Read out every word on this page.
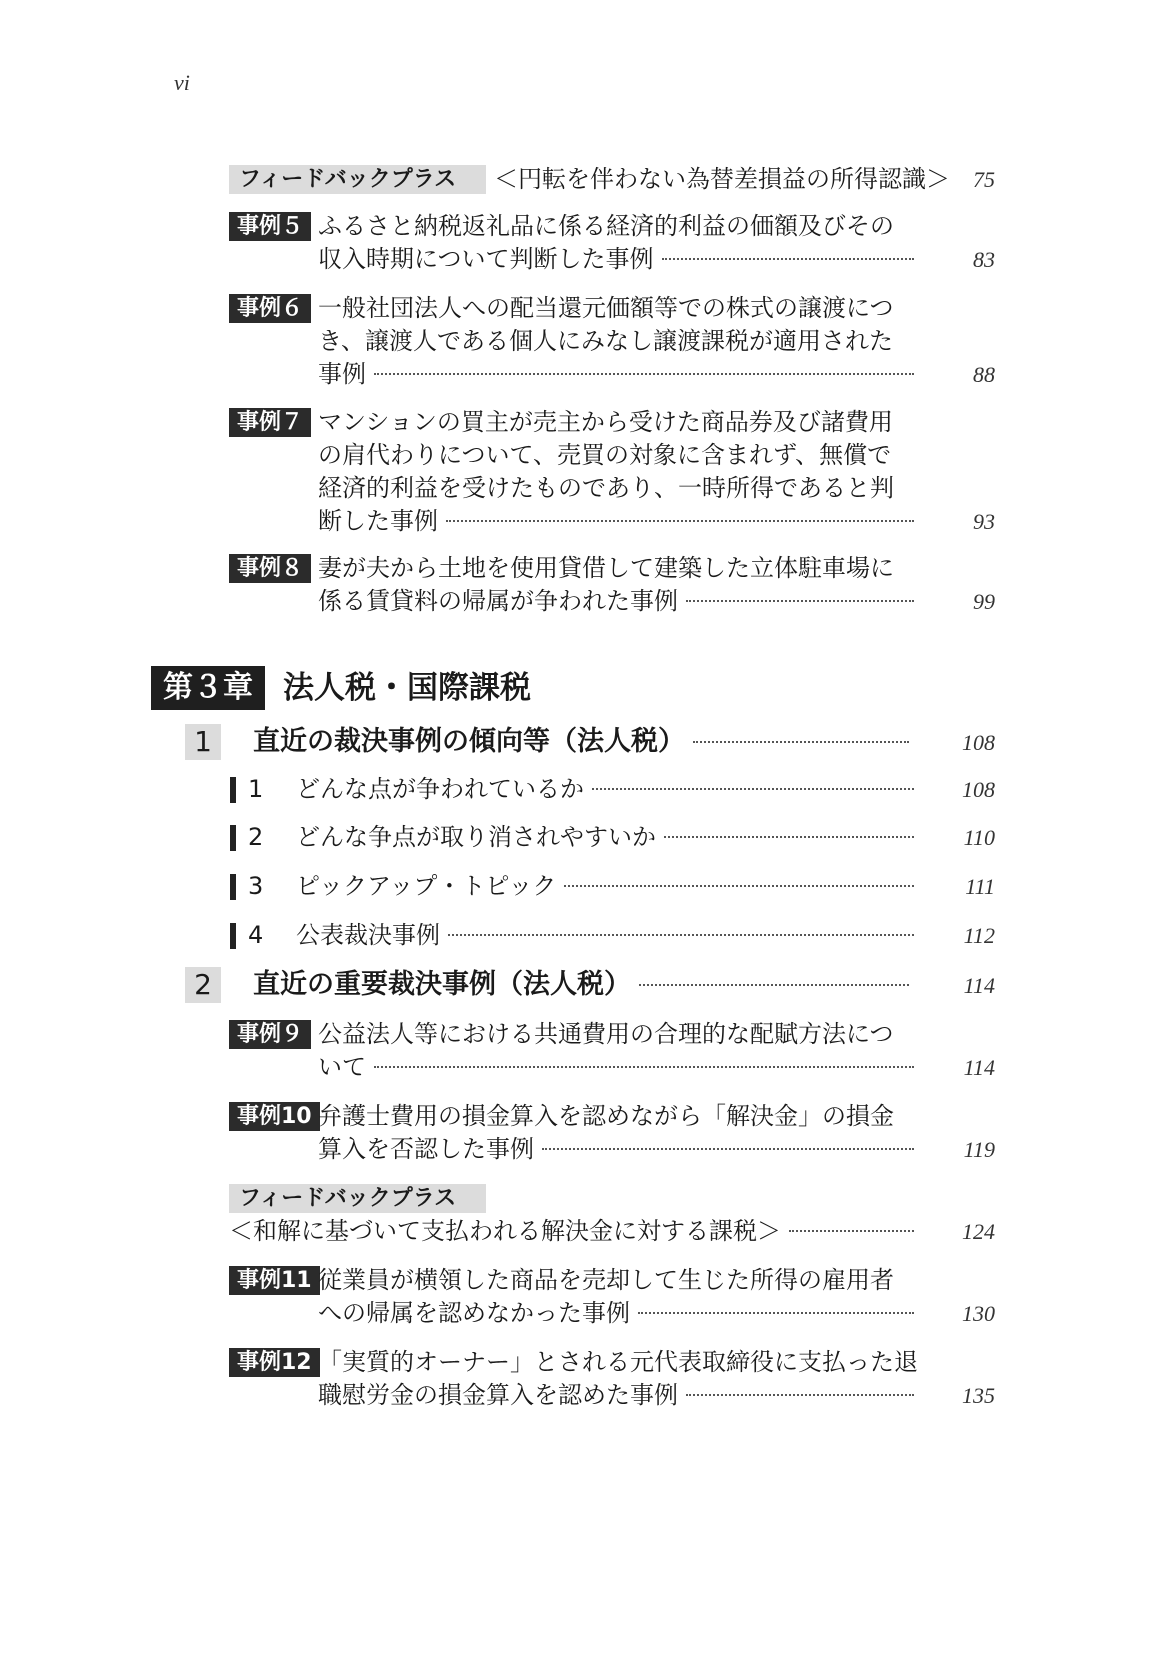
vi
フィードバックプラス	＜円転を伴わない為替差損益の所得認識＞	75
事例５ ふるさと納税返礼品に係る経済的利益の価額及びその
収入時期について判断した事例	83
事例６ 一般社団法人への配当還元価額等での株式の譲渡につ
き、譲渡人である個人にみなし譲渡課税が適用された
事例	88
事例７ マンションの買主が売主から受けた商品券及び諸費用
の肩代わりについて、売買の対象に含まれず、無償で
経済的利益を受けたものであり、一時所得であると判
断した事例	93
事例８ 妻が夫から土地を使用貸借して建築した立体駐車場に
係る賃貸料の帰属が争われた事例	99
第３章 法人税・国際課税
1	直近の裁決事例の傾向等（法人税）	108
1 どんな点が争われているか	108
2 どんな争点が取り消されやすいか	110
3 ピックアップ・トピック	111
4 公表裁決事例	112
2	直近の重要裁決事例（法人税）	114
事例９ 公益法人等における共通費用の合理的な配賦方法につ
いて	114
事例10 弁護士費用の損金算入を認めながら「解決金」の損金
算入を否認した事例	119
フィードバックプラス
＜和解に基づいて支払われる解決金に対する課税＞	124
事例11 従業員が横領した商品を売却して生じた所得の雇用者
への帰属を認めなかった事例	130
事例12 「実質的オーナー」とされる元代表取締役に支払った退
職慰労金の損金算入を認めた事例	135
